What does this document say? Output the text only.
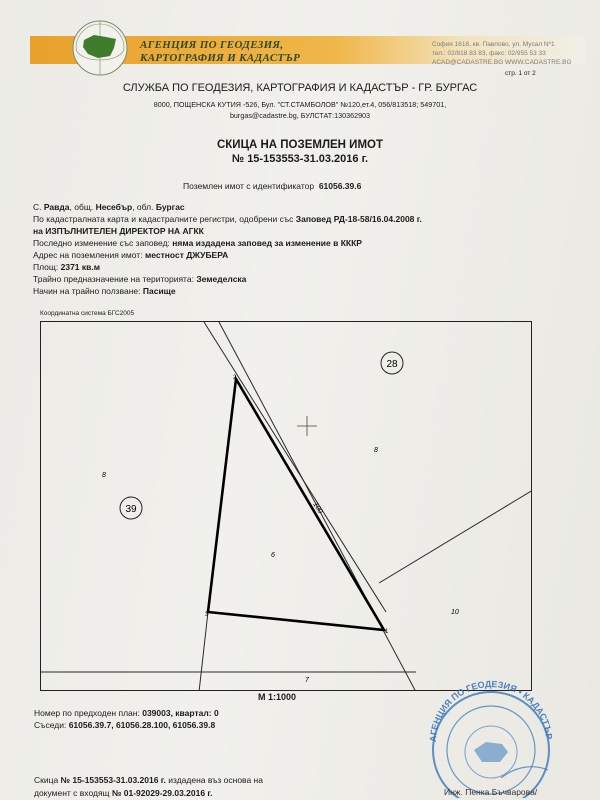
АГЕНЦИЯ ПО ГЕОДЕЗИЯ,
КАРТОГРАФИЯ И КАДАСТЪР
София 1618, кв. Павлово, ул. Мусал Nº1
тел.: 02/818 83 83, факс: 02/955 53 33
ACAD@CADASTRE.BG WWW.CADASTRE.BG
стр. 1 от 2
СЛУЖБА ПО ГЕОДЕЗИЯ, КАРТОГРАФИЯ И КАДАСТЪР - ГР. БУРГАС
8000, ПОЩЕНСКА КУТИЯ -526, Бул. "СТ.СТАМБОЛОВ" №120,ет.4, 056/813518; 549701,
burgas@cadastre.bg, БУЛСТАТ:130362903
СКИЦА НА ПОЗЕМЛЕН ИМОТ
№ 15-153553-31.03.2016 г.
Поземлен имот с идентификатор 61056.39.6
С. Равда, общ. Несебър, обл. Бургас
По кадастралната карта и кадастралните регистри, одобрени със Заповед РД-18-58/16.04.2008 г.
на ИЗПЪЛНИТЕЛЕН ДИРЕКТОР НА АГКК
Последно изменение със заповед: няма издадена заповед за изменение в КККР
Адрес на поземления имот: местност ДЖУБЕРА
Площ: 2371 кв.м
Трайно предназначение на територията: Земеделска
Начин на трайно ползване: Пасище
Координатна система БГС2005
28
39
8
8
6
100
10
7
2
1
3
М 1:1000
Номер по предходен план: 039003, квартал: 0
Съседи: 61056.39.7, 61056.28.100, 61056.39.8
Скица № 15-153553-31.03.2016 г. издадена въз основа на
документ с входящ № 01-92029-29.03.2016 г.
АГЕНЦИЯ ПО ГЕОДЕЗИЯ • КАДАСТЪР
Инж. Пенка Бъчварова/
